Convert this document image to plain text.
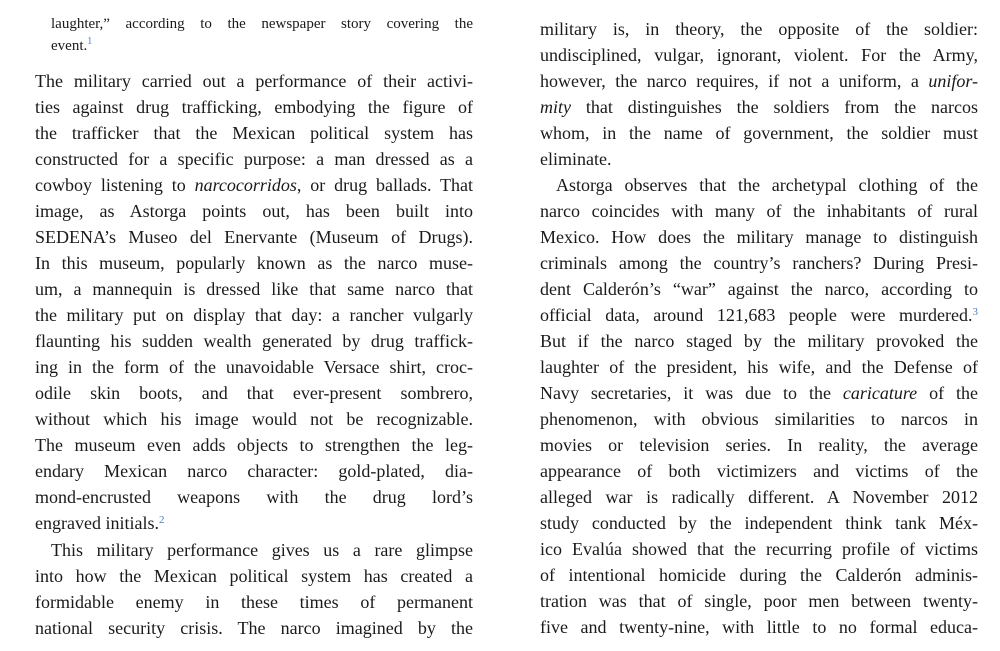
laughter,” according to the newspaper story covering the
event.$^1$
The military carried out a performance of their activi-
ties against drug trafficking, embodying the figure of
the trafficker that the Mexican political system has
constructed for a specific purpose: a man dressed as a
cowboy listening to narcocorridos, or drug ballads. That
image, as Astorga points out, has been built into
SEDENA’s Museo del Enervante (Museum of Drugs).
In this museum, popularly known as the narco muse-
um, a mannequin is dressed like that same narco that
the military put on display that day: a rancher vulgarly
flaunting his sudden wealth generated by drug traffick-
ing in the form of the unavoidable Versace shirt, croc-
odile skin boots, and that ever-present sombrero,
without which his image would not be recognizable.
The museum even adds objects to strengthen the leg-
endary Mexican narco character: gold-plated, dia-
mond-encrusted weapons with the drug lord’s
engraved initials.$^2$
This military performance gives us a rare glimpse
into how the Mexican political system has created a
formidable enemy in these times of permanent
national security crisis. The narco imagined by the
military is, in theory, the opposite of the soldier:
undisciplined, vulgar, ignorant, violent. For the Army,
however, the narco requires, if not a uniform, a unifor-
mity that distinguishes the soldiers from the narcos
whom, in the name of government, the soldier must
eliminate.
Astorga observes that the archetypal clothing of the
narco coincides with many of the inhabitants of rural
Mexico. How does the military manage to distinguish
criminals among the country’s ranchers? During Presi-
dent Calderón’s “war” against the narco, according to
official data, around 121,683 people were murdered.$^3$
But if the narco staged by the military provoked the
laughter of the president, his wife, and the Defense of
Navy secretaries, it was due to the caricature of the
phenomenon, with obvious similarities to narcos in
movies or television series. In reality, the average
appearance of both victimizers and victims of the
alleged war is radically different. A November 2012
study conducted by the independent think tank Méx-
ico Evalúa showed that the recurring profile of victims
of intentional homicide during the Calderón adminis-
tration was that of single, poor men between twenty-
five and twenty-nine, with little to no formal educa-
